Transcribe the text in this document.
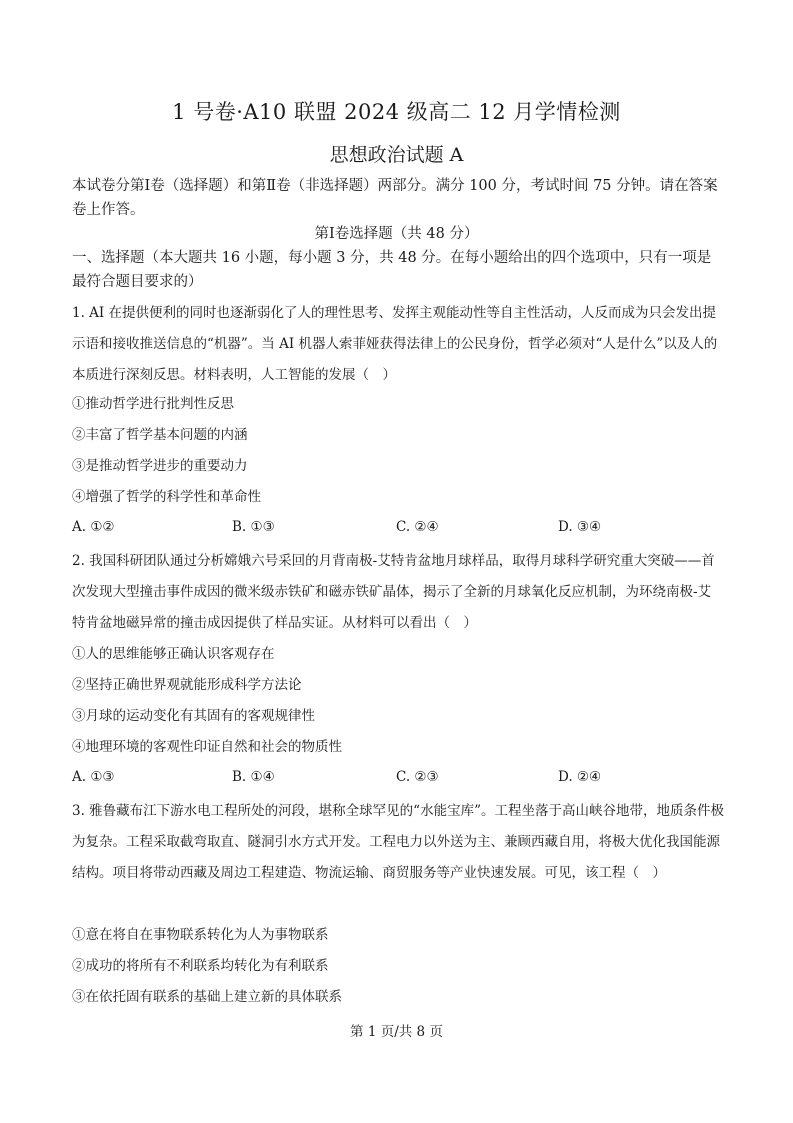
1 号卷·A10 联盟 2024 级高二 12 月学情检测
思想政治试题 A
本试卷分第Ⅰ卷（选择题）和第Ⅱ卷（非选择题）两部分。满分 100 分，考试时间 75 分钟。请在答案卷上作答。
第Ⅰ卷选择题（共 48 分）
一、选择题（本大题共 16 小题，每小题 3 分，共 48 分。在每小题给出的四个选项中，只有一项是最符合题目要求的）
1. AI 在提供便利的同时也逐渐弱化了人的理性思考、发挥主观能动性等自主性活动，人反而成为只会发出提示语和接收推送信息的“机器”。当 AI 机器人索菲娅获得法律上的公民身份，哲学必须对“人是什么”以及人的本质进行深刻反思。材料表明，人工智能的发展（　）
①推动哲学进行批判性反思
②丰富了哲学基本问题的内涵
③是推动哲学进步的重要动力
④增强了哲学的科学性和革命性
A. ①②	B. ①③	C. ②④	D. ③④
2. 我国科研团队通过分析嫦娥六号采回的月背南极-艾特肯盆地月球样品，取得月球科学研究重大突破——首次发现大型撞击事件成因的微米级赤铁矿和磁赤铁矿晶体，揭示了全新的月球氧化反应机制，为环绕南极-艾特肯盆地磁异常的撞击成因提供了样品实证。从材料可以看出（　）
①人的思维能够正确认识客观存在
②坚持正确世界观就能形成科学方法论
③月球的运动变化有其固有的客观规律性
④地理环境的客观性印证自然和社会的物质性
A. ①③	B. ①④	C. ②③	D. ②④
3. 雅鲁藏布江下游水电工程所处的河段，堪称全球罕见的“水能宝库”。工程坐落于高山峡谷地带，地质条件极为复杂。工程采取截弯取直、隧洞引水方式开发。工程电力以外送为主、兼顾西藏自用，将极大优化我国能源结构。项目将带动西藏及周边工程建造、物流运输、商贸服务等产业快速发展。可见，该工程（　）
①意在将自在事物联系转化为人为事物联系
②成功的将所有不利联系均转化为有利联系
③在依托固有联系的基础上建立新的具体联系
第 1 页/共 8 页
